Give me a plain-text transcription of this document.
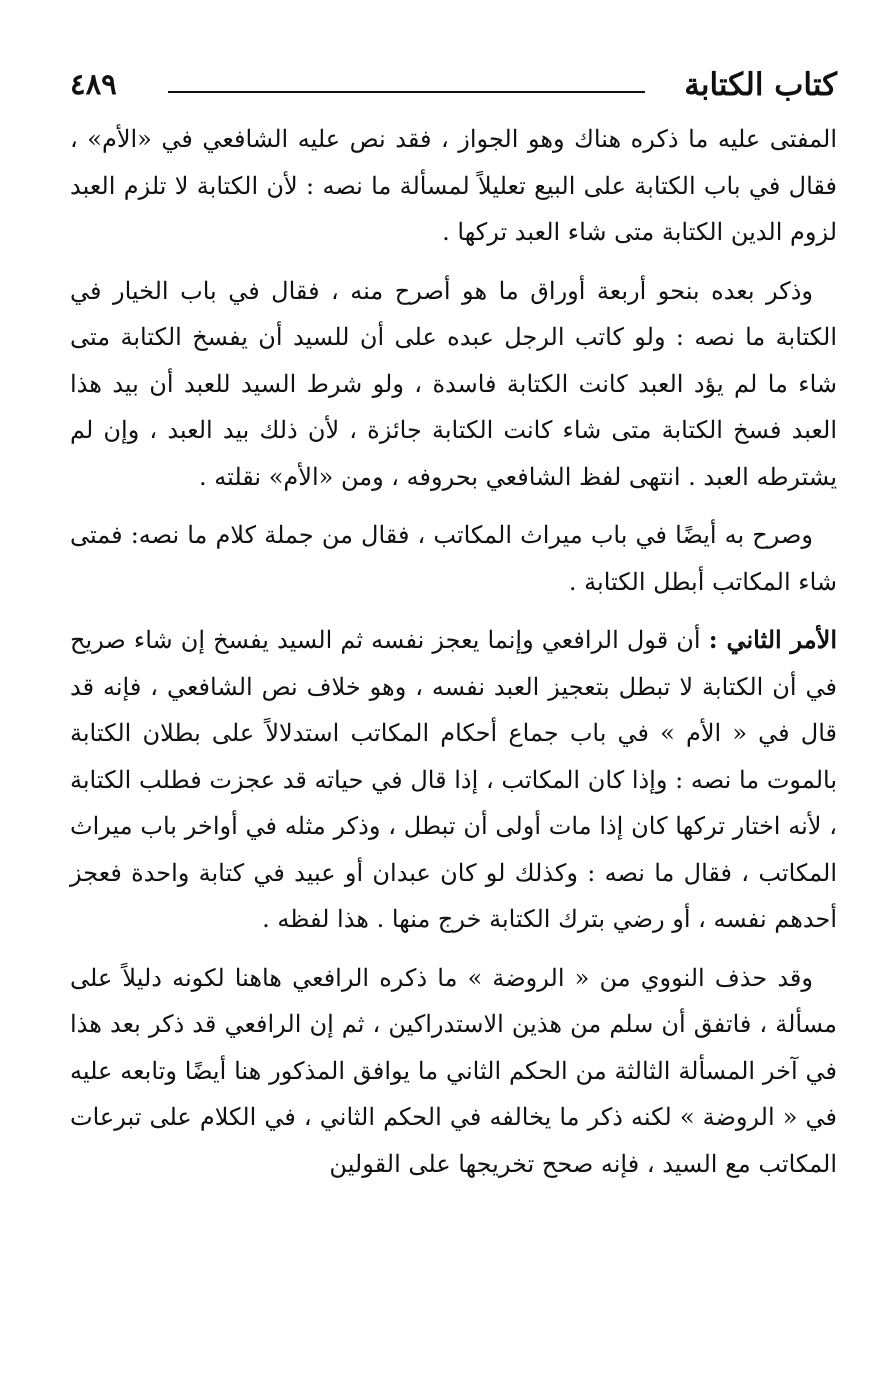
كتاب الكتابة
٤٨٩

المفتى عليه ما ذكره هناك وهو الجواز ، فقد نص عليه الشافعي في «الأم» ، فقال في باب الكتابة على البيع تعليلاً لمسألة ما نصه : لأن الكتابة لا تلزم العبد لزوم الدين الكتابة متى شاء العبد تركها .

وذكر بعده بنحو أربعة أوراق ما هو أصرح منه ، فقال في باب الخيار في الكتابة ما نصه : ولو كاتب الرجل عبده على أن للسيد أن يفسخ الكتابة متى شاء ما لم يؤد العبد كانت الكتابة فاسدة ، ولو شرط السيد للعبد أن بيد هذا العبد فسخ الكتابة متى شاء كانت الكتابة جائزة ، لأن ذلك بيد العبد ، وإن لم يشترطه العبد . انتهى لفظ الشافعي بحروفه ، ومن «الأم» نقلته .

وصرح به أيضًا في باب ميراث المكاتب ، فقال من جملة كلام ما نصه: فمتى شاء المكاتب أبطل الكتابة .

الأمر الثاني : أن قول الرافعي وإنما يعجز نفسه ثم السيد يفسخ إن شاء صريح في أن الكتابة لا تبطل بتعجيز العبد نفسه ، وهو خلاف نص الشافعي ، فإنه قد قال في « الأم » في باب جماع أحكام المكاتب استدلالاً على بطلان الكتابة بالموت ما نصه : وإذا كان المكاتب ، إذا قال في حياته قد عجزت فطلب الكتابة ، لأنه اختار تركها كان إذا مات أولى أن تبطل ، وذكر مثله في أواخر باب ميراث المكاتب ، فقال ما نصه : وكذلك لو كان عبدان أو عبيد في كتابة واحدة فعجز أحدهم نفسه ، أو رضي بترك الكتابة خرج منها . هذا لفظه .

وقد حذف النووي من « الروضة » ما ذكره الرافعي هاهنا لكونه دليلاً على مسألة ، فاتفق أن سلم من هذين الاستدراكين ، ثم إن الرافعي قد ذكر بعد هذا في آخر المسألة الثالثة من الحكم الثاني ما يوافق المذكور هنا أيضًا وتابعه عليه في « الروضة » لكنه ذكر ما يخالفه في الحكم الثاني ، في الكلام على تبرعات المكاتب مع السيد ، فإنه صحح تخريجها على القولين
